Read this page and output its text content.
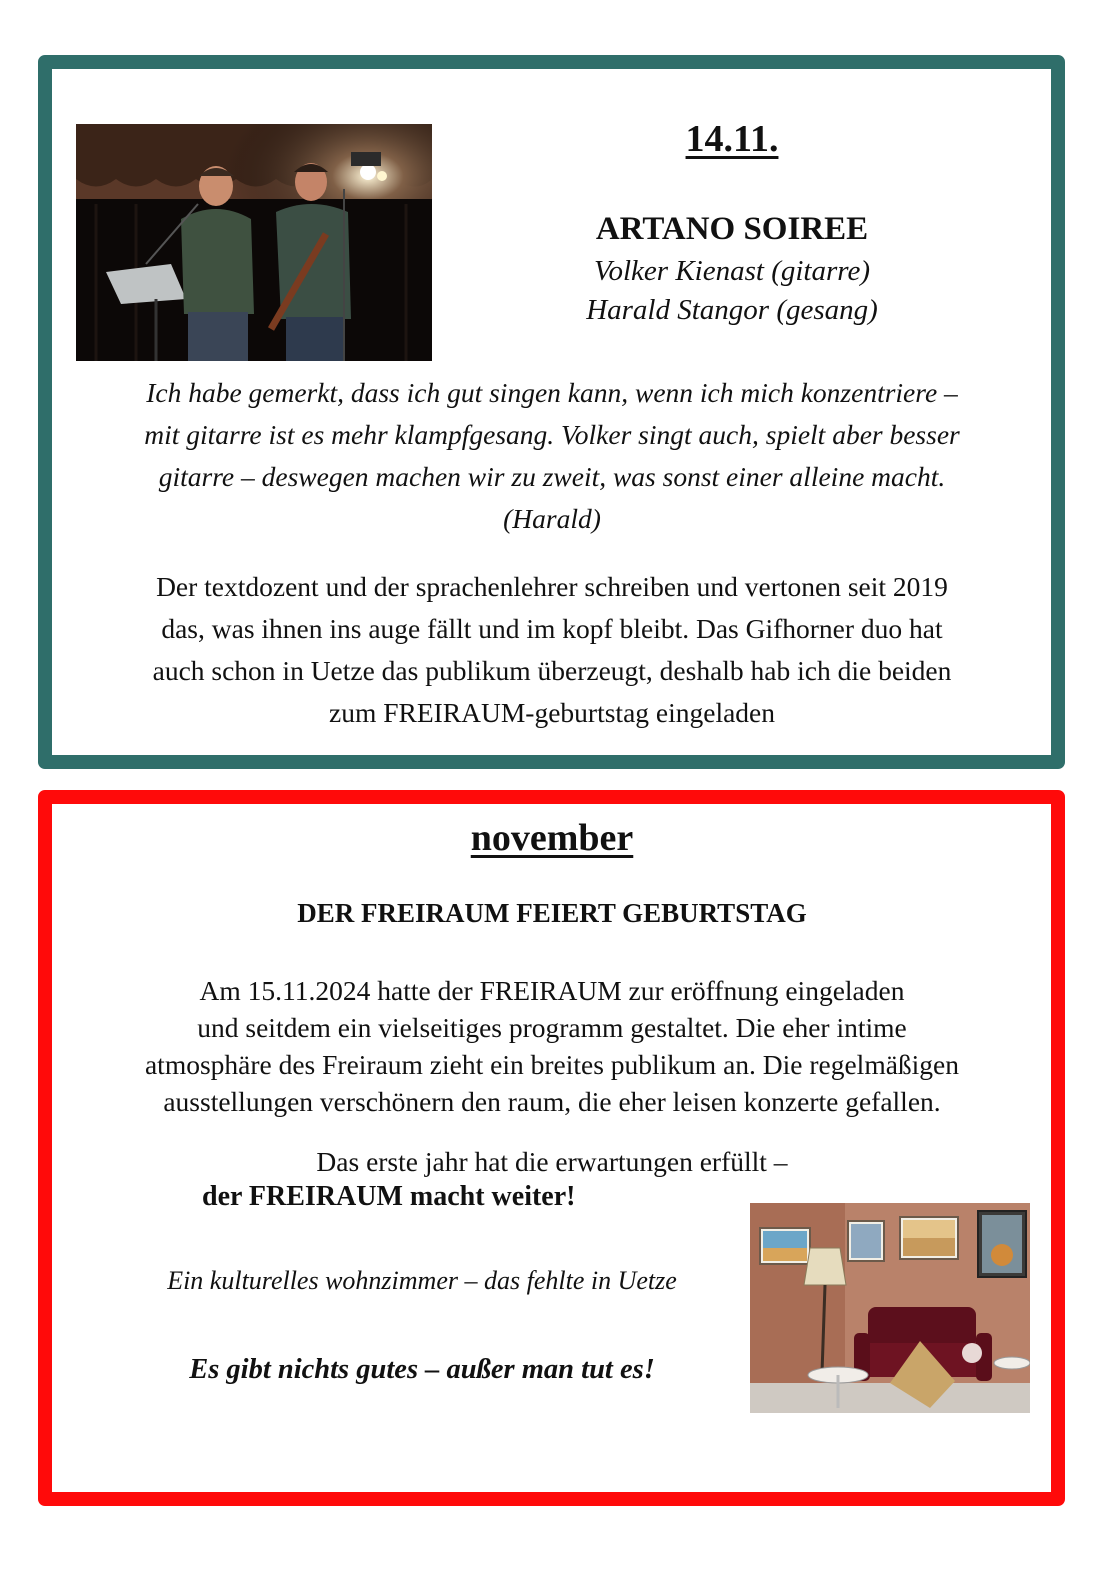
14.11.
ARTANO SOIREE
Volker Kienast (gitarre)
Harald Stangor (gesang)
Ich habe gemerkt, dass ich gut singen kann, wenn ich mich konzentriere –
mit gitarre ist es mehr klampfgesang. Volker singt auch, spielt aber besser
gitarre – deswegen machen wir zu zweit, was sonst einer alleine macht.
(Harald)
Der textdozent und der sprachenlehrer schreiben und vertonen seit 2019
das, was ihnen ins auge fällt und im kopf bleibt. Das Gifhorner duo hat
auch schon in Uetze das publikum überzeugt, deshalb hab ich die beiden
zum FREIRAUM-geburtstag eingeladen
november
DER FREIRAUM FEIERT GEBURTSTAG
Am 15.11.2024 hatte der FREIRAUM zur eröffnung eingeladen
und seitdem ein vielseitiges programm gestaltet. Die eher intime
atmosphäre des Freiraum zieht ein breites publikum an. Die regelmäßigen
ausstellungen verschönern den raum, die eher leisen konzerte gefallen.
Das erste jahr hat die erwartungen erfüllt –
der FREIRAUM macht weiter!
Ein kulturelles wohnzimmer – das fehlte in Uetze
Es gibt nichts gutes – außer man tut es!
